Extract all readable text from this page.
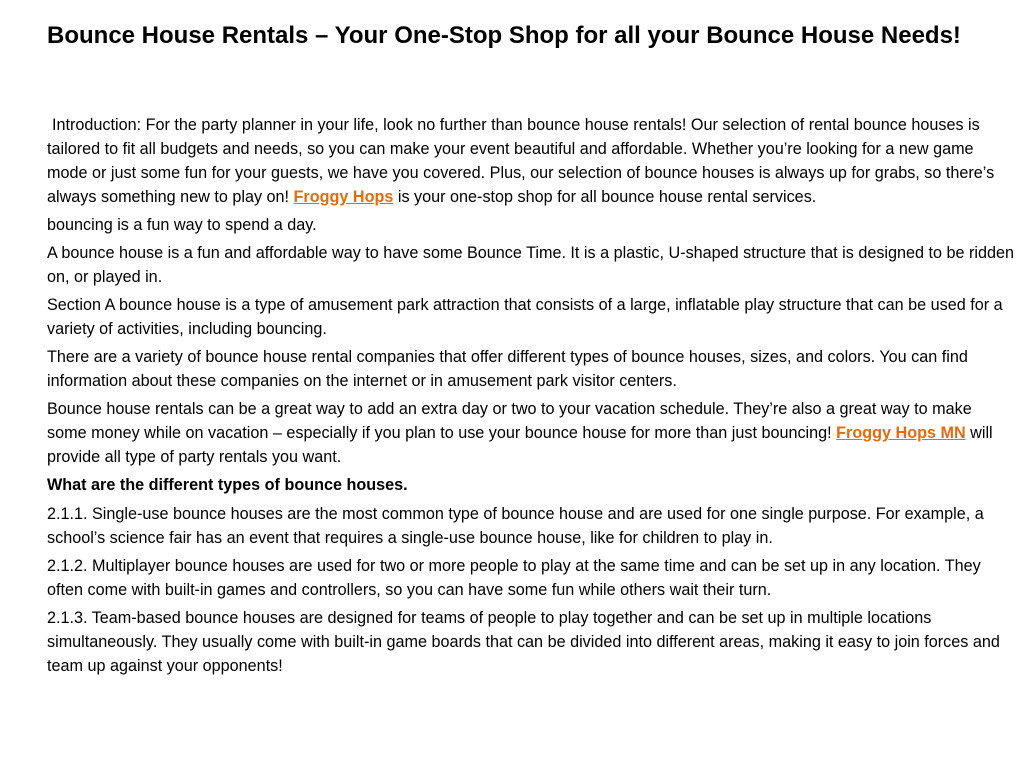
Bounce House Rentals – Your One-Stop Shop for all your Bounce House Needs!

Introduction: For the party planner in your life, look no further than bounce house rentals! Our selection of rental bounce houses is tailored to fit all budgets and needs, so you can make your event beautiful and affordable. Whether you’re looking for a new game mode or just some fun for your guests, we have you covered. Plus, our selection of bounce houses is always up for grabs, so there’s always something new to play on! Froggy Hops is your one-stop shop for all bounce house rental services.

bouncing is a fun way to spend a day.

A bounce house is a fun and affordable way to have some Bounce Time. It is a plastic, U-shaped structure that is designed to be ridden on, or played in.

Section A bounce house is a type of amusement park attraction that consists of a large, inflatable play structure that can be used for a variety of activities, including bouncing.

There are a variety of bounce house rental companies that offer different types of bounce houses, sizes, and colors. You can find information about these companies on the internet or in amusement park visitor centers.

Bounce house rentals can be a great way to add an extra day or two to your vacation schedule. They’re also a great way to make some money while on vacation – especially if you plan to use your bounce house for more than just bouncing! Froggy Hops MN will provide all type of party rentals you want.

What are the different types of bounce houses.

2.1.1. Single-use bounce houses are the most common type of bounce house and are used for one single purpose. For example, a school’s science fair has an event that requires a single-use bounce house, like for children to play in.

2.1.2. Multiplayer bounce houses are used for two or more people to play at the same time and can be set up in any location. They often come with built-in games and controllers, so you can have some fun while others wait their turn.

2.1.3. Team-based bounce houses are designed for teams of people to play together and can be set up in multiple locations simultaneously. They usually come with built-in game boards that can be divided into different areas, making it easy to join forces and team up against your opponents!
